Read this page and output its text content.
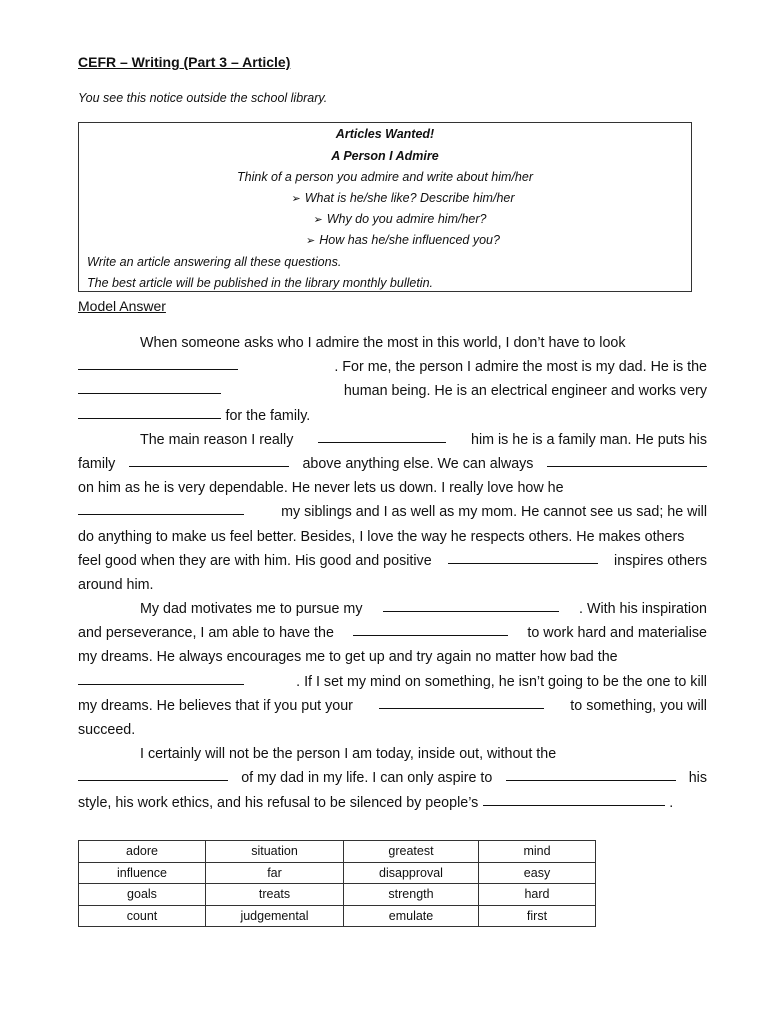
CEFR – Writing (Part 3 – Article)
You see this notice outside the school library.
Articles Wanted!
A Person I Admire
Think of a person you admire and write about him/her
➢ What is he/she like? Describe him/her
➢ Why do you admire him/her?
➢ How has he/she influenced you?
Write an article answering all these questions.
The best article will be published in the library monthly bulletin.
Model Answer
When someone asks who I admire the most in this world, I don’t have to look
. For me, the person I admire the most is my dad. He is the
human being. He is an electrical engineer and works very
for the family.
The main reason I really	him is he is a family man. He puts his
family	above anything else. We can always
on him as he is very dependable. He never lets us down. I really love how he
my siblings and I as well as my mom. He cannot see us sad; he will
do anything to make us feel better. Besides, I love the way he respects others. He makes others
feel good when they are with him. His good and positive	inspires others
around him.
My dad motivates me to pursue my	. With his inspiration
and perseverance, I am able to have the	to work hard and materialise
my dreams. He always encourages me to get up and try again no matter how bad the
. If I set my mind on something, he isn’t going to be the one to kill
my dreams. He believes that if you put your	to something, you will
succeed.
I certainly will not be the person I am today, inside out, without the
of my dad in my life. I can only aspire to	his
style, his work ethics, and his refusal to be silenced by people’s	.
adore	situation	greatest	mind
influence	far	disapproval	easy
goals	treats	strength	hard
count	judgemental	emulate	first
